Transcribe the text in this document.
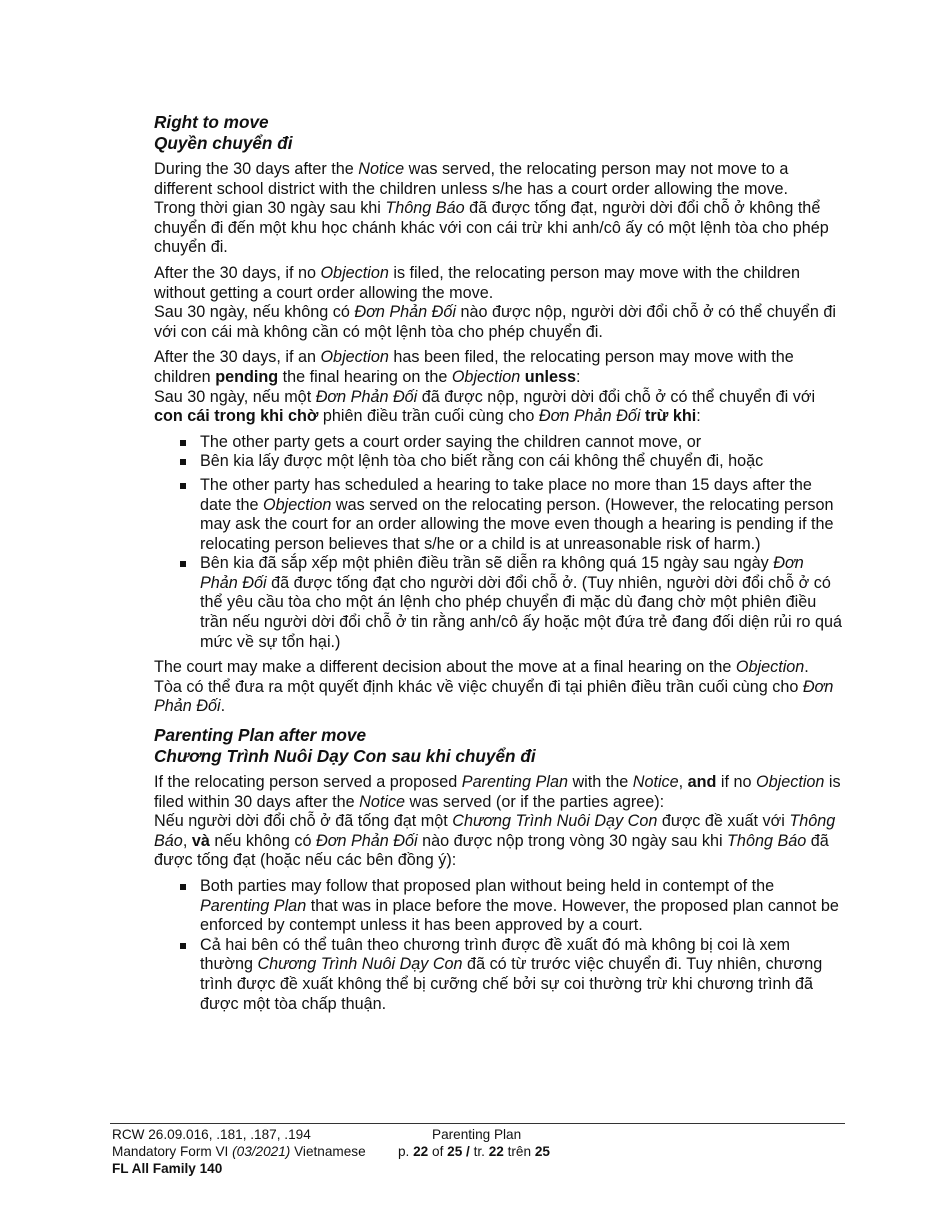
Right to move
Quyền chuyển đi
During the 30 days after the Notice was served, the relocating person may not move to a different school district with the children unless s/he has a court order allowing the move.
Trong thời gian 30 ngày sau khi Thông Báo đã được tống đạt, người dời đổi chỗ ở không thể chuyển đi đến một khu học chánh khác với con cái trừ khi anh/cô ấy có một lệnh tòa cho phép chuyển đi.
After the 30 days, if no Objection is filed, the relocating person may move with the children without getting a court order allowing the move.
Sau 30 ngày, nếu không có Đơn Phản Đối nào được nộp, người dời đổi chỗ ở có thể chuyển đi với con cái mà không cần có một lệnh tòa cho phép chuyển đi.
After the 30 days, if an Objection has been filed, the relocating person may move with the children pending the final hearing on the Objection unless:
Sau 30 ngày, nếu một Đơn Phản Đối đã được nộp, người dời đổi chỗ ở có thể chuyển đi với con cái trong khi chờ phiên điều trần cuối cùng cho Đơn Phản Đối trừ khi:
The other party gets a court order saying the children cannot move, or
Bên kia lấy được một lệnh tòa cho biết rằng con cái không thể chuyển đi, hoặc
The other party has scheduled a hearing to take place no more than 15 days after the date the Objection was served on the relocating person. (However, the relocating person may ask the court for an order allowing the move even though a hearing is pending if the relocating person believes that s/he or a child is at unreasonable risk of harm.)
Bên kia đã sắp xếp một phiên điều trần sẽ diễn ra không quá 15 ngày sau ngày Đơn Phản Đối đã được tống đạt cho người dời đổi chỗ ở. (Tuy nhiên, người dời đổi chỗ ở có thể yêu cầu tòa cho một án lệnh cho phép chuyển đi mặc dù đang chờ một phiên điều trần nếu người dời đổi chỗ ở tin rằng anh/cô ấy hoặc một đứa trẻ đang đối diện rủi ro quá mức về sự tổn hại.)
The court may make a different decision about the move at a final hearing on the Objection.
Tòa có thể đưa ra một quyết định khác về việc chuyển đi tại phiên điều trần cuối cùng cho Đơn Phản Đối.
Parenting Plan after move
Chương Trình Nuôi Dạy Con sau khi chuyển đi
If the relocating person served a proposed Parenting Plan with the Notice, and if no Objection is filed within 30 days after the Notice was served (or if the parties agree):
Nếu người dời đổi chỗ ở đã tống đạt một Chương Trình Nuôi Dạy Con được đề xuất với Thông Báo, và nếu không có Đơn Phản Đối nào được nộp trong vòng 30 ngày sau khi Thông Báo đã được tống đạt (hoặc nếu các bên đồng ý):
Both parties may follow that proposed plan without being held in contempt of the Parenting Plan that was in place before the move. However, the proposed plan cannot be enforced by contempt unless it has been approved by a court.
Cả hai bên có thể tuân theo chương trình được đề xuất đó mà không bị coi là xem thường Chương Trình Nuôi Dạy Con đã có từ trước việc chuyển đi. Tuy nhiên, chương trình được đề xuất không thể bị cưỡng chế bởi sự coi thường trừ khi chương trình đã được một tòa chấp thuận.
RCW 26.09.016, .181, .187, .194	Parenting Plan
Mandatory Form VI (03/2021) Vietnamese p. 22 of 25 / tr. 22 trên 25
FL All Family 140
